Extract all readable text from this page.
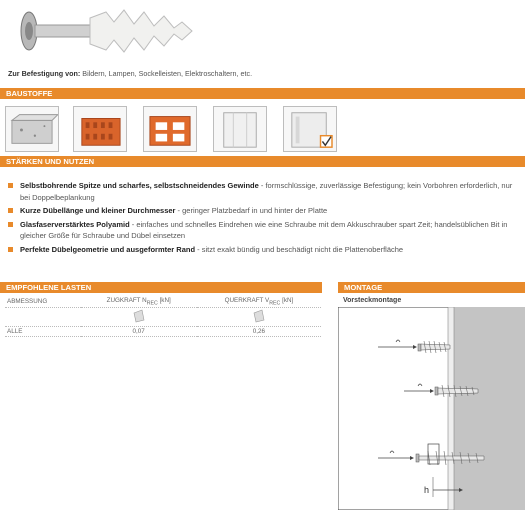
Zur Befestigung von: Bildern, Lampen, Sockelleisten, Elektroschaltern, etc.
BAUSTOFFE
STÄRKEN UND NUTZEN
Selbstbohrende Spitze und scharfes, selbstschneidendes Gewinde - formschlüssige, zuverlässige Befestigung; kein Vorbohren erforderlich, nur bei Doppelbeplankung
Kurze Dübellänge und kleiner Durchmesser - geringer Platzbedarf in und hinter der Platte
Glasfaserverstärktes Polyamid - einfaches und schnelles Eindrehen wie eine Schraube mit dem Akkuschrauber spart Zeit; handelsüblichen Bit in gleicher Größe für Schraube und Dübel einsetzen
Perfekte Dübelgeometrie und ausgeformter Rand - sitzt exakt bündig und beschädigt nicht die Plattenoberfläche
EMPFOHLENE LASTEN
ABMESSUNG	ZUGKRAFT $N_{REC}$ [kN]	QUERKRAFT $V_{REC}$ [kN]

ALLE	0,07	0,26
MONTAGE
Vorsteckmontage
h
